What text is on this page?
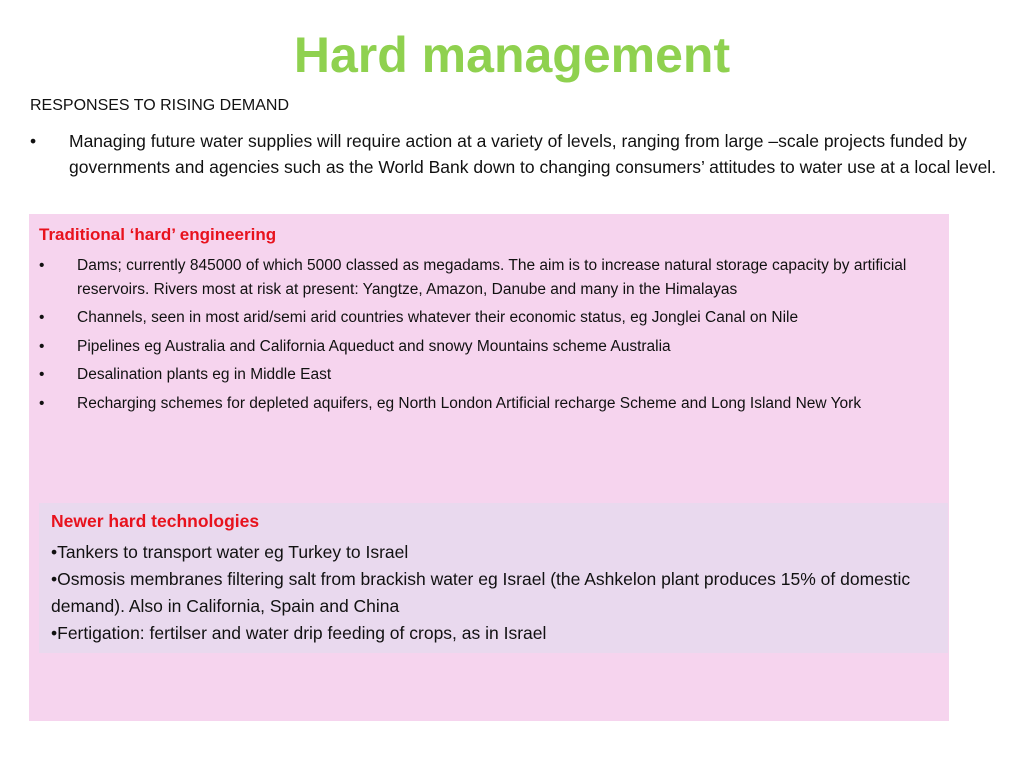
Hard management
RESPONSES TO RISING DEMAND
• Managing future water supplies will require action at a variety of levels, ranging from large –scale projects funded by governments and agencies such as the World Bank down to changing consumers’ attitudes to water use at a local level.
Traditional ‘hard’ engineering
• Dams; currently 845000 of which 5000 classed as megadams. The aim is to increase natural storage capacity by artificial reservoirs. Rivers most at risk at present: Yangtze, Amazon, Danube and many in the Himalayas
• Channels, seen in most arid/semi arid countries whatever their economic status, eg Jonglei Canal on Nile
• Pipelines eg Australia and California Aqueduct and snowy Mountains scheme Australia
• Desalination plants eg in Middle East
• Recharging schemes for depleted aquifers, eg North London Artificial recharge Scheme and Long Island New York
Newer hard technologies
•Tankers to transport water eg Turkey to Israel
•Osmosis membranes filtering salt from brackish water eg Israel (the Ashkelon plant produces 15% of domestic demand). Also in California, Spain and China
•Fertigation: fertilser and water drip feeding of crops, as in Israel
